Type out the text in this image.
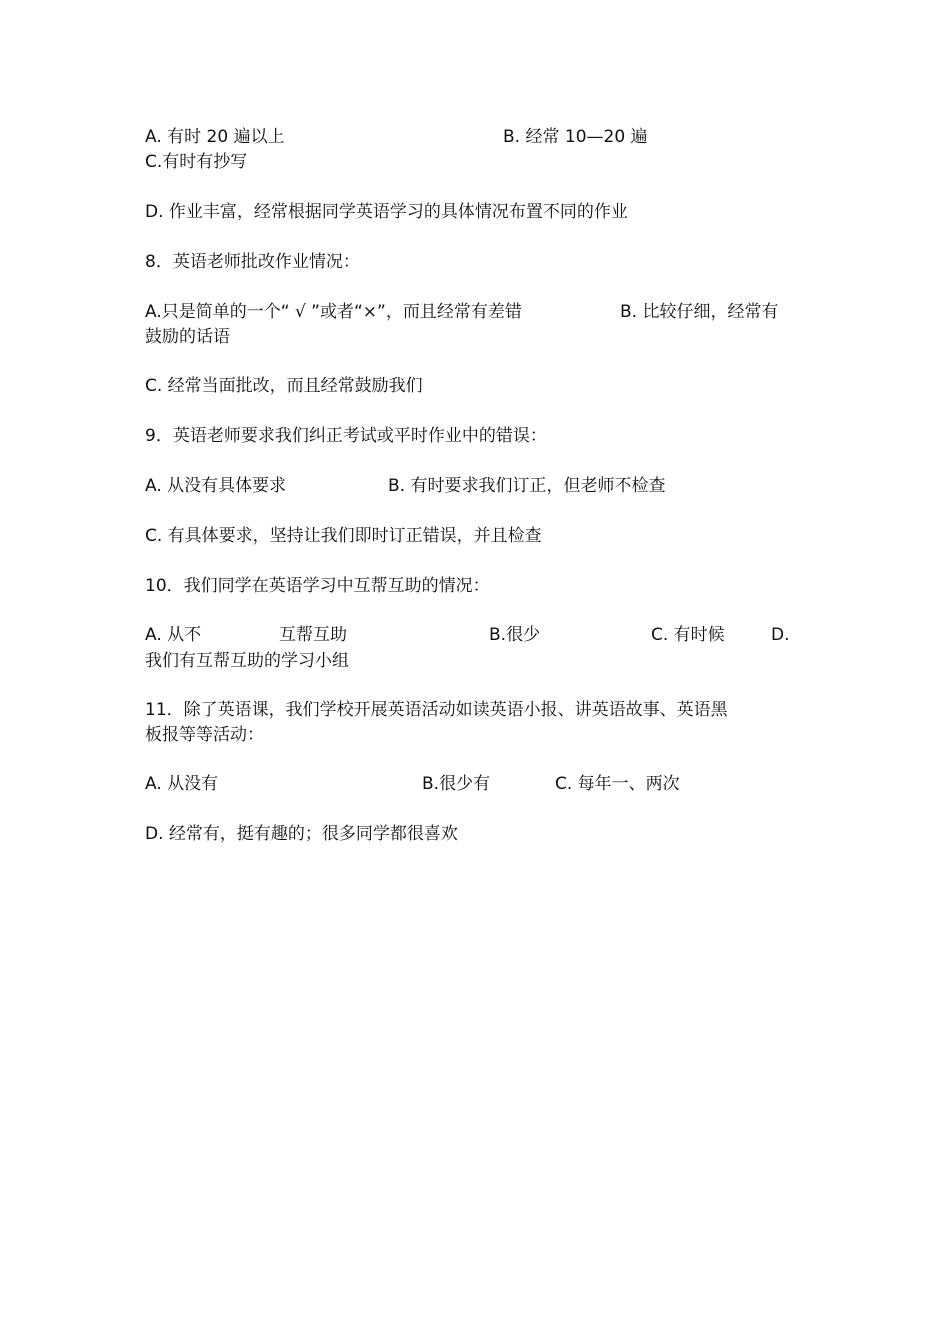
A. 有时 20 遍以上	B. 经常 10—20 遍
C.有时有抄写
D. 作业丰富，经常根据同学英语学习的具体情况布置不同的作业
8．英语老师批改作业情况：
A.只是简单的一个“ √ ”或者“×”，而且经常有差错	B. 比较仔细，经常有
鼓励的话语
C. 经常当面批改，而且经常鼓励我们
9．英语老师要求我们纠正考试或平时作业中的错误：
A. 从没有具体要求	B. 有时要求我们订正，但老师不检查
C. 有具体要求，坚持让我们即时订正错误，并且检查
10．我们同学在英语学习中互帮互助的情况：
A. 从不	互帮互助	B.很少	C. 有时候	D.
我们有互帮互助的学习小组
11．除了英语课，我们学校开展英语活动如读英语小报、讲英语故事、英语黑
板报等等活动：
A. 从没有	B.很少有	C. 每年一、两次
D. 经常有，挺有趣的；很多同学都很喜欢
